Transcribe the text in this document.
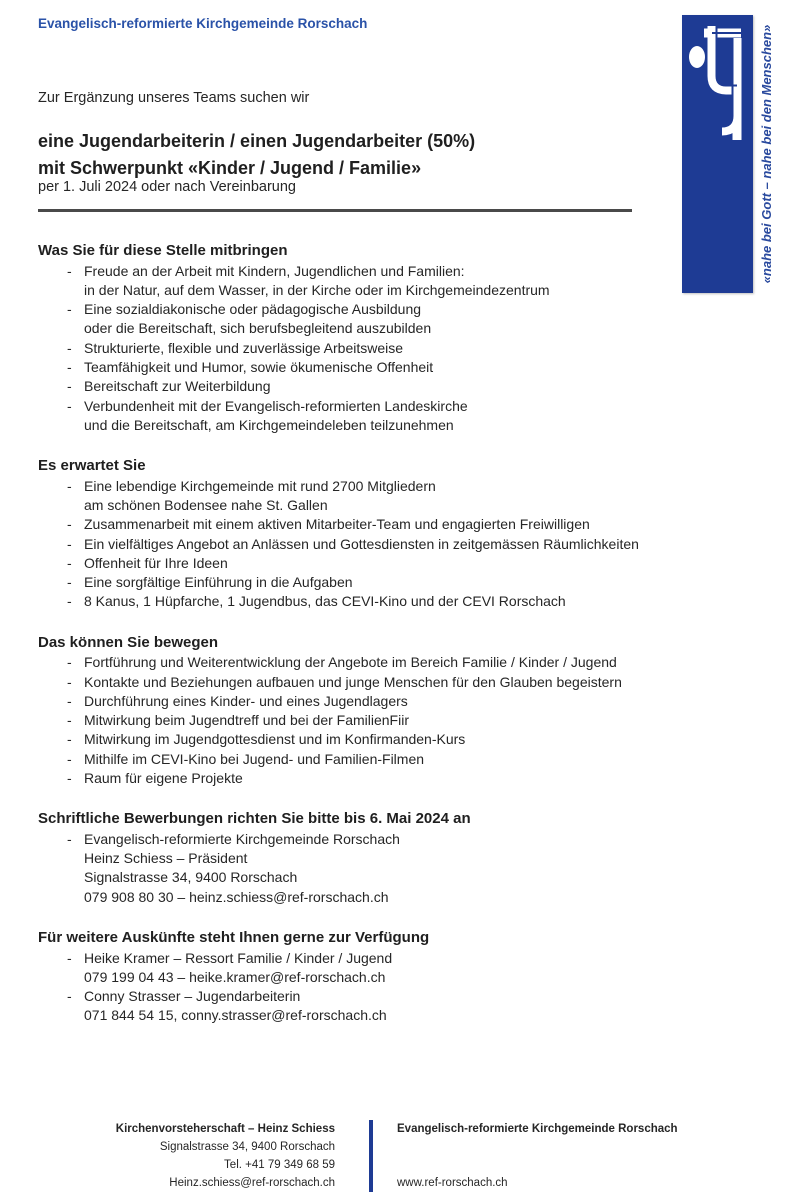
Evangelisch-reformierte Kirchgemeinde Rorschach
«nahe bei Gott – nahe bei den Menschen»
Zur Ergänzung unseres Teams suchen wir
eine Jugendarbeiterin / einen Jugendarbeiter (50%)
mit Schwerpunkt «Kinder / Jugend / Familie»
per 1. Juli 2024 oder nach Vereinbarung
Was Sie für diese Stelle mitbringen
- Freude an der Arbeit mit Kindern, Jugendlichen und Familien:
in der Natur, auf dem Wasser, in der Kirche oder im Kirchgemeindezentrum
- Eine sozialdiakonische oder pädagogische Ausbildung
oder die Bereitschaft, sich berufsbegleitend auszubilden
- Strukturierte, flexible und zuverlässige Arbeitsweise
- Teamfähigkeit und Humor, sowie ökumenische Offenheit
- Bereitschaft zur Weiterbildung
- Verbundenheit mit der Evangelisch-reformierten Landeskirche
und die Bereitschaft, am Kirchgemeindeleben teilzunehmen
Es erwartet Sie
- Eine lebendige Kirchgemeinde mit rund 2700 Mitgliedern
am schönen Bodensee nahe St. Gallen
- Zusammenarbeit mit einem aktiven Mitarbeiter-Team und engagierten Freiwilligen
- Ein vielfältiges Angebot an Anlässen und Gottesdiensten in zeitgemässen Räumlichkeiten
- Offenheit für Ihre Ideen
- Eine sorgfältige Einführung in die Aufgaben
- 8 Kanus, 1 Hüpfarche, 1 Jugendbus, das CEVI-Kino und der CEVI Rorschach
Das können Sie bewegen
- Fortführung und Weiterentwicklung der Angebote im Bereich Familie / Kinder / Jugend
- Kontakte und Beziehungen aufbauen und junge Menschen für den Glauben begeistern
- Durchführung eines Kinder- und eines Jugendlagers
- Mitwirkung beim Jugendtreff und bei der FamilienFiir
- Mitwirkung im Jugendgottesdienst und im Konfirmanden-Kurs
- Mithilfe im CEVI-Kino bei Jugend- und Familien-Filmen
- Raum für eigene Projekte
Schriftliche Bewerbungen richten Sie bitte bis 6. Mai 2024 an
- Evangelisch-reformierte Kirchgemeinde Rorschach
Heinz Schiess – Präsident
Signalstrasse 34, 9400 Rorschach
079 908 80 30 – heinz.schiess@ref-rorschach.ch
Für weitere Auskünfte steht Ihnen gerne zur Verfügung
- Heike Kramer – Ressort Familie / Kinder / Jugend
079 199 04 43 – heike.kramer@ref-rorschach.ch
- Conny Strasser – Jugendarbeiterin
071 844 54 15, conny.strasser@ref-rorschach.ch
Kirchenvorsteherschaft – Heinz Schiess
Signalstrasse 34, 9400 Rorschach
Tel. +41 79 349 68 59
Heinz.schiess@ref-rorschach.ch
Evangelisch-reformierte Kirchgemeinde Rorschach
www.ref-rorschach.ch
